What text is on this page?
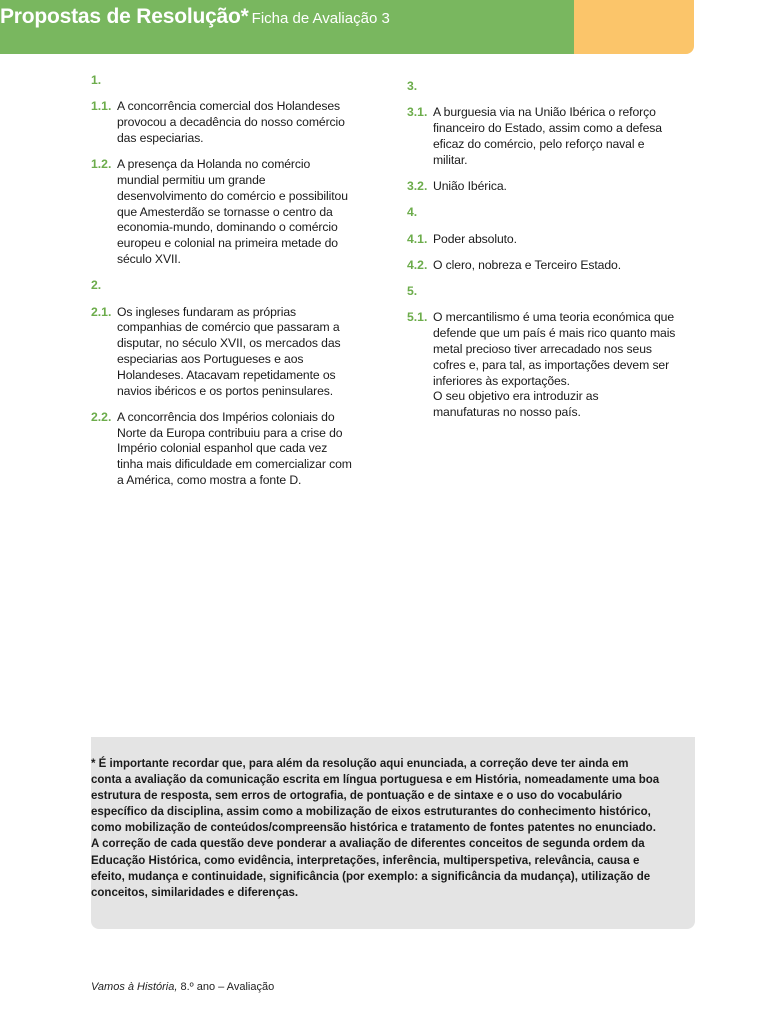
Propostas de Resolução* Ficha de Avaliação 3
1.
1.1. A concorrência comercial dos Holandeses
provocou a decadência do nosso comércio
das especiarias.
1.2. A presença da Holanda no comércio
mundial permitiu um grande
desenvolvimento do comércio e possibilitou
que Amesterdão se tornasse o centro da
economia-mundo, dominando o comércio
europeu e colonial na primeira metade do
século XVII.
2.
2.1. Os ingleses fundaram as próprias
companhias de comércio que passaram a
disputar, no século XVII, os mercados das
especiarias aos Portugueses e aos
Holandeses. Atacavam repetidamente os
navios ibéricos e os portos peninsulares.
2.2. A concorrência dos Impérios coloniais do
Norte da Europa contribuiu para a crise do
Império colonial espanhol que cada vez
tinha mais dificuldade em comercializar com
a América, como mostra a fonte D.
3.
3.1. A burguesia via na União Ibérica o reforço
financeiro do Estado, assim como a defesa
eficaz do comércio, pelo reforço naval e
militar.
3.2. União Ibérica.
4.
4.1. Poder absoluto.
4.2. O clero, nobreza e Terceiro Estado.
5.
5.1. O mercantilismo é uma teoria económica que
defende que um país é mais rico quanto mais
metal precioso tiver arrecadado nos seus
cofres e, para tal, as importações devem ser
inferiores às exportações.
O seu objetivo era introduzir as
manufaturas no nosso país.
* É importante recordar que, para além da resolução aqui enunciada, a correção deve ter ainda em
conta a avaliação da comunicação escrita em língua portuguesa e em História, nomeadamente uma boa
estrutura de resposta, sem erros de ortografia, de pontuação e de sintaxe e o uso do vocabulário
específico da disciplina, assim como a mobilização de eixos estruturantes do conhecimento histórico,
como mobilização de conteúdos/compreensão histórica e tratamento de fontes patentes no enunciado.
A correção de cada questão deve ponderar a avaliação de diferentes conceitos de segunda ordem da
Educação Histórica, como evidência, interpretações, inferência, multiperspetiva, relevância, causa e
efeito, mudança e continuidade, significância (por exemplo: a significância da mudança), utilização de
conceitos, similaridades e diferenças.
Vamos à História, 8.º ano – Avaliação
